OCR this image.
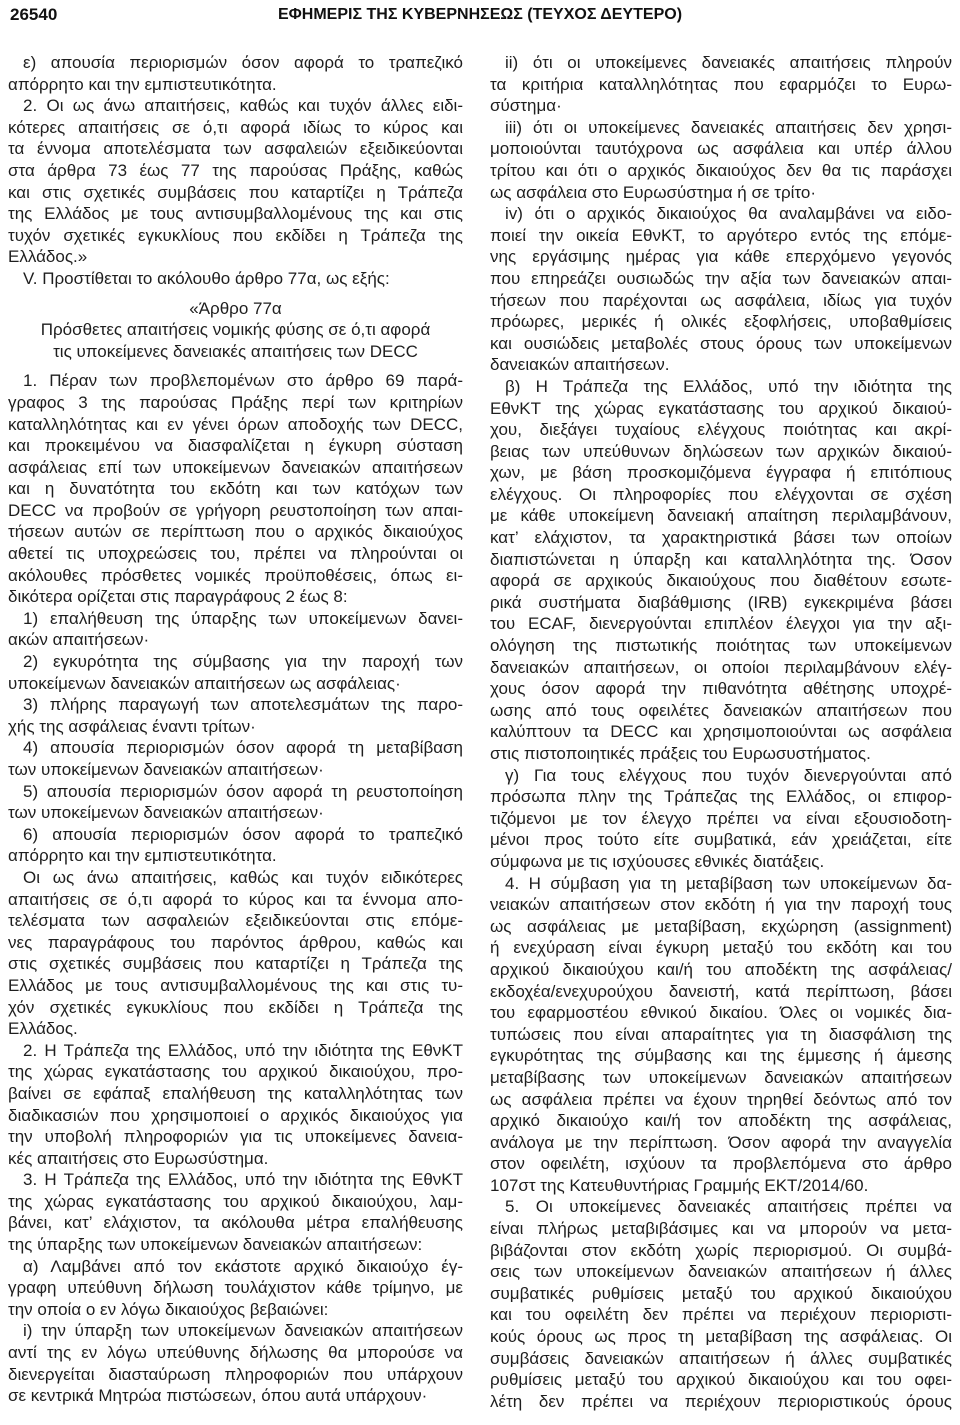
26540	ΕΦΗΜΕΡΙΣ ΤΗΣ ΚΥΒΕΡΝΗΣΕΩΣ (ΤΕΥΧΟΣ ΔΕΥΤΕΡΟ)
ε) απουσία περιορισμών όσον αφορά το τραπεζικό
απόρρητο και την εμπιστευτικότητα.
2. Οι ως άνω απαιτήσεις, καθώς και τυχόν άλλες ειδι-
κότερες απαιτήσεις σε ό,τι αφορά ιδίως το κύρος και
τα έννομα αποτελέσματα των ασφαλειών εξειδικεύονται
στα άρθρα 73 έως 77 της παρούσας Πράξης, καθώς
και στις σχετικές συμβάσεις που καταρτίζει η Τράπεζα
της Ελλάδος με τους αντισυμβαλλομένους της και στις
τυχόν σχετικές εγκυκλίους που εκδίδει η Τράπεζα της
Ελλάδος.»
V. Προστίθεται το ακόλουθο άρθρο 77α, ως εξής:
«Άρθρο 77α
Πρόσθετες απαιτήσεις νομικής φύσης σε ό,τι αφορά
τις υποκείμενες δανειακές απαιτήσεις των DECC
1. Πέραν των προβλεπομένων στο άρθρο 69 παρά-
γραφος 3 της παρούσας Πράξης περί των κριτηρίων
καταλληλότητας και εν γένει όρων αποδοχής των DECC,
και προκειμένου να διασφαλίζεται η έγκυρη σύσταση
ασφάλειας επί των υποκείμενων δανειακών απαιτήσεων
και η δυνατότητα του εκδότη και των κατόχων των
DECC να προβούν σε γρήγορη ρευστοποίηση των απαι-
τήσεων αυτών σε περίπτωση που ο αρχικός δικαιούχος
αθετεί τις υποχρεώσεις του, πρέπει να πληρούνται οι
ακόλουθες πρόσθετες νομικές προϋποθέσεις, όπως ει-
δικότερα ορίζεται στις παραγράφους 2 έως 8:
1) επαλήθευση της ύπαρξης των υποκείμενων δανει-
ακών απαιτήσεων·
2) εγκυρότητα της σύμβασης για την παροχή των
υποκείμενων δανειακών απαιτήσεων ως ασφάλειας·
3) πλήρης παραγωγή των αποτελεσμάτων της παρο-
χής της ασφάλειας έναντι τρίτων·
4) απουσία περιορισμών όσον αφορά τη μεταβίβαση
των υποκείμενων δανειακών απαιτήσεων·
5) απουσία περιορισμών όσον αφορά τη ρευστοποίηση
των υποκείμενων δανειακών απαιτήσεων·
6) απουσία περιορισμών όσον αφορά το τραπεζικό
απόρρητο και την εμπιστευτικότητα.
Οι ως άνω απαιτήσεις, καθώς και τυχόν ειδικότερες
απαιτήσεις σε ό,τι αφορά το κύρος και τα έννομα απο-
τελέσματα των ασφαλειών εξειδικεύονται στις επόμε-
νες παραγράφους του παρόντος άρθρου, καθώς και
στις σχετικές συμβάσεις που καταρτίζει η Τράπεζα της
Ελλάδος με τους αντισυμβαλλομένους της και στις τυ-
χόν σχετικές εγκυκλίους που εκδίδει η Τράπεζα της
Ελλάδος.
2. Η Τράπεζα της Ελλάδος, υπό την ιδιότητα της ΕθνΚΤ
της χώρας εγκατάστασης του αρχικού δικαιούχου, προ-
βαίνει σε εφάπαξ επαλήθευση της καταλληλότητας των
διαδικασιών που χρησιμοποιεί ο αρχικός δικαιούχος για
την υποβολή πληροφοριών για τις υποκείμενες δανεια-
κές απαιτήσεις στο Ευρωσύστημα.
3. Η Τράπεζα της Ελλάδος, υπό την ιδιότητα της ΕθνΚΤ
της χώρας εγκατάστασης του αρχικού δικαιούχου, λαμ-
βάνει, κατ’ ελάχιστον, τα ακόλουθα μέτρα επαλήθευσης
της ύπαρξης των υποκείμενων δανειακών απαιτήσεων:
α) Λαμβάνει από τον εκάστοτε αρχικό δικαιούχο έγ-
γραφη υπεύθυνη δήλωση τουλάχιστον κάθε τρίμηνο, με
την οποία ο εν λόγω δικαιούχος βεβαιώνει:
i) την ύπαρξη των υποκείμενων δανειακών απαιτήσεων
αντί της εν λόγω υπεύθυνης δήλωσης θα μπορούσε να
διενεργείται διασταύρωση πληροφοριών που υπάρχουν
σε κεντρικά Μητρώα πιστώσεων, όπου αυτά υπάρχουν·
ii) ότι οι υποκείμενες δανειακές απαιτήσεις πληρούν
τα κριτήρια καταλληλότητας που εφαρμόζει το Ευρω-
σύστημα·
iii) ότι οι υποκείμενες δανειακές απαιτήσεις δεν χρησι-
μοποιούνται ταυτόχρονα ως ασφάλεια και υπέρ άλλου
τρίτου και ότι ο αρχικός δικαιούχος δεν θα τις παράσχει
ως ασφάλεια στο Ευρωσύστημα ή σε τρίτο·
iv) ότι ο αρχικός δικαιούχος θα αναλαμβάνει να ειδο-
ποιεί την οικεία ΕθνΚΤ, το αργότερο εντός της επόμε-
νης εργάσιμης ημέρας για κάθε επερχόμενο γεγονός
που επηρεάζει ουσιωδώς την αξία των δανειακών απαι-
τήσεων που παρέχονται ως ασφάλεια, ιδίως για τυχόν
πρόωρες, μερικές ή ολικές εξοφλήσεις, υποβαθμίσεις
και ουσιώδεις μεταβολές στους όρους των υποκείμενων
δανειακών απαιτήσεων.
β) Η Τράπεζα της Ελλάδος, υπό την ιδιότητα της
ΕθνΚΤ της χώρας εγκατάστασης του αρχικού δικαιού-
χου, διεξάγει τυχαίους ελέγχους ποιότητας και ακρί-
βειας των υπεύθυνων δηλώσεων των αρχικών δικαιού-
χων, με βάση προσκομιζόμενα έγγραφα ή επιτόπιους
ελέγχους. Οι πληροφορίες που ελέγχονται σε σχέση
με κάθε υποκείμενη δανειακή απαίτηση περιλαμβάνουν,
κατ’ ελάχιστον, τα χαρακτηριστικά βάσει των οποίων
διαπιστώνεται η ύπαρξη και καταλληλότητα της. Όσον
αφορά σε αρχικούς δικαιούχους που διαθέτουν εσωτε-
ρικά συστήματα διαβάθμισης (IRB) εγκεκριμένα βάσει
του ECAF, διενεργούνται επιπλέον έλεγχοι για την αξι-
ολόγηση της πιστωτικής ποιότητας των υποκείμενων
δανειακών απαιτήσεων, οι οποίοι περιλαμβάνουν ελέγ-
χους όσον αφορά την πιθανότητα αθέτησης υποχρέ-
ωσης από τους οφειλέτες δανειακών απαιτήσεων που
καλύπτουν τα DECC και χρησιμοποιούνται ως ασφάλεια
στις πιστοποιητικές πράξεις του Ευρωσυστήματος.
γ) Για τους ελέγχους που τυχόν διενεργούνται από
πρόσωπα πλην της Τράπεζας της Ελλάδος, οι επιφορ-
τιζόμενοι με τον έλεγχο πρέπει να είναι εξουσιοδοτη-
μένοι προς τούτο είτε συμβατικά, εάν χρειάζεται, είτε
σύμφωνα με τις ισχύουσες εθνικές διατάξεις.
4. Η σύμβαση για τη μεταβίβαση των υποκείμενων δα-
νειακών απαιτήσεων στον εκδότη ή για την παροχή τους
ως ασφάλειας με μεταβίβαση, εκχώρηση (assignment)
ή ενεχύραση είναι έγκυρη μεταξύ του εκδότη και του
αρχικού δικαιούχου και/ή του αποδέκτη της ασφάλειας/
εκδοχέα/ενεχυρούχου δανειστή, κατά περίπτωση, βάσει
του εφαρμοστέου εθνικού δικαίου. Όλες οι νομικές δια-
τυπώσεις που είναι απαραίτητες για τη διασφάλιση της
εγκυρότητας της σύμβασης και της έμμεσης ή άμεσης
μεταβίβασης των υποκείμενων δανειακών απαιτήσεων
ως ασφάλεια πρέπει να έχουν τηρηθεί δεόντως από τον
αρχικό δικαιούχο και/ή τον αποδέκτη της ασφάλειας,
ανάλογα με την περίπτωση. Όσον αφορά την αναγγελία
στον οφειλέτη, ισχύουν τα προβλεπόμενα στο άρθρο
107στ της Κατευθυντήριας Γραμμής ΕΚΤ/2014/60.
5. Οι υποκείμενες δανειακές απαιτήσεις πρέπει να
είναι πλήρως μεταβιβάσιμες και να μπορούν να μετα-
βιβάζονται στον εκδότη χωρίς περιορισμού. Οι συμβά-
σεις των υποκείμενων δανειακών απαιτήσεων ή άλλες
συμβατικές ρυθμίσεις μεταξύ του αρχικού δικαιούχου
και του οφειλέτη δεν πρέπει να περιέχουν περιοριστι-
κούς όρους ως προς τη μεταβίβαση της ασφάλειας. Οι
συμβάσεις δανειακών απαιτήσεων ή άλλες συμβατικές
ρυθμίσεις μεταξύ του αρχικού δικαιούχου και του οφει-
λέτη δεν πρέπει να περιέχουν περιοριστικούς όρους
